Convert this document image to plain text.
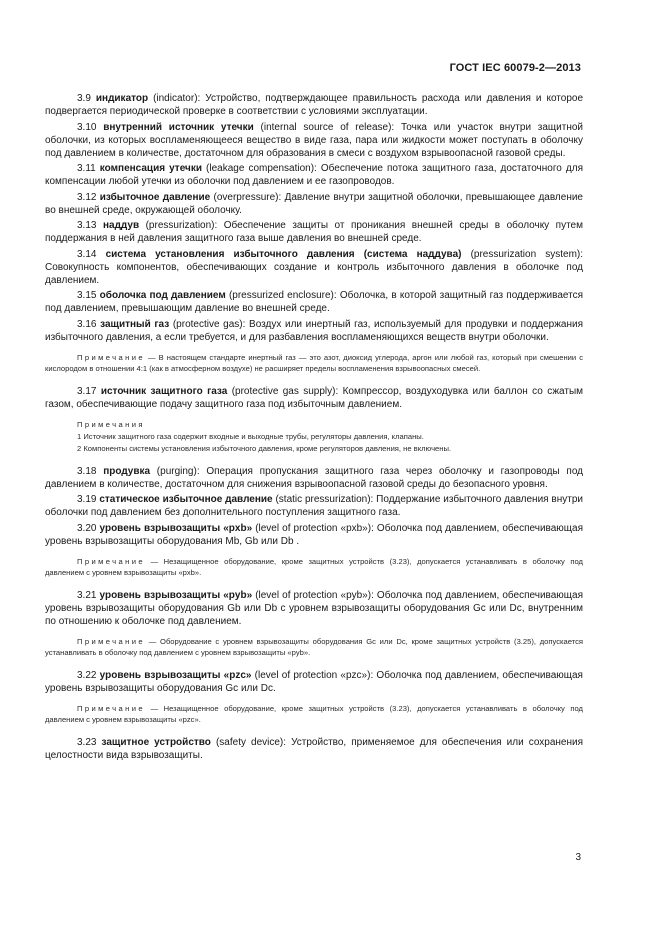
ГОСТ IEC 60079-2—2013

3.9 индикатор (indicator): Устройство, подтверждающее правильность расхода или давления и которое подвергается периодической проверке в соответствии с условиями эксплуатации.

3.10 внутренний источник утечки (internal source of release): Точка или участок внутри защитной оболочки, из которых воспламеняющееся вещество в виде газа, пара или жидкости может поступать в оболочку под давлением в количестве, достаточном для образования в смеси с воздухом взрывоопасной газовой среды.

3.11 компенсация утечки (leakage compensation): Обеспечение потока защитного газа, достаточного для компенсации любой утечки из оболочки под давлением и ее газопроводов.

3.12 избыточное давление (overpressure): Давление внутри защитной оболочки, превышающее давление во внешней среде, окружающей оболочку.

3.13 наддув (pressurization): Обеспечение защиты от проникания внешней среды в оболочку путем поддержания в ней давления защитного газа выше давления во внешней среде.

3.14 система установления избыточного давления (система наддува) (pressurization system): Совокупность компонентов, обеспечивающих создание и контроль избыточного давления в оболочке под давлением.

3.15 оболочка под давлением (pressurized enclosure): Оболочка, в которой защитный газ поддерживается под давлением, превышающим давление во внешней среде.

3.16 защитный газ (protective gas): Воздух или инертный газ, используемый для продувки и поддержания избыточного давления, а если требуется, и для разбавления воспламеняющихся веществ внутри оболочки.

Примечание — В настоящем стандарте инертный газ — это азот, диоксид углерода, аргон или любой газ, который при смешении с кислородом в отношении 4:1 (как в атмосферном воздухе) не расширяет пределы воспламенения взрывоопасных смесей.

3.17 источник защитного газа (protective gas supply): Компрессор, воздуходувка или баллон со сжатым газом, обеспечивающие подачу защитного газа под избыточным давлением.

Примечания
1 Источник защитного газа содержит входные и выходные трубы, регуляторы давления, клапаны.
2 Компоненты системы установления избыточного давления, кроме регуляторов давления, не включены.

3.18 продувка (purging): Операция пропускания защитного газа через оболочку и газопроводы под давлением в количестве, достаточном для снижения взрывоопасной газовой среды до безопасного уровня.

3.19 статическое избыточное давление (static pressurization): Поддержание избыточного давления внутри оболочки под давлением без дополнительного поступления защитного газа.

3.20 уровень взрывозащиты «pxb» (level of protection «pxb»): Оболочка под давлением, обеспечивающая уровень взрывозащиты оборудования Mb, Gb или Db .

Примечание — Незащищенное оборудование, кроме защитных устройств (3.23), допускается устанавливать в оболочку под давлением с уровнем взрывозащиты «pxb».

3.21 уровень взрывозащиты «pyb» (level of protection «pyb»): Оболочка под давлением, обеспечивающая уровень взрывозащиты оборудования Gb или Db с уровнем взрывозащиты оборудования Gc или Dc, внутренним по отношению к оболочке под давлением.

Примечание — Оборудование с уровнем взрывозащиты оборудования Gc или Dc, кроме защитных устройств (3.25), допускается устанавливать в оболочку под давлением с уровнем взрывозащиты «pyb».

3.22 уровень взрывозащиты «pzc» (level of protection «pzc»): Оболочка под давлением, обеспечивающая уровень взрывозащиты оборудования Gc или Dc.

Примечание — Незащищенное оборудование, кроме защитных устройств (3.23), допускается устанавливать в оболочку под давлением с уровнем взрывозащиты «pzc».

3.23 защитное устройство (safety device): Устройство, применяемое для обеспечения или сохранения целостности вида взрывозащиты.

3
